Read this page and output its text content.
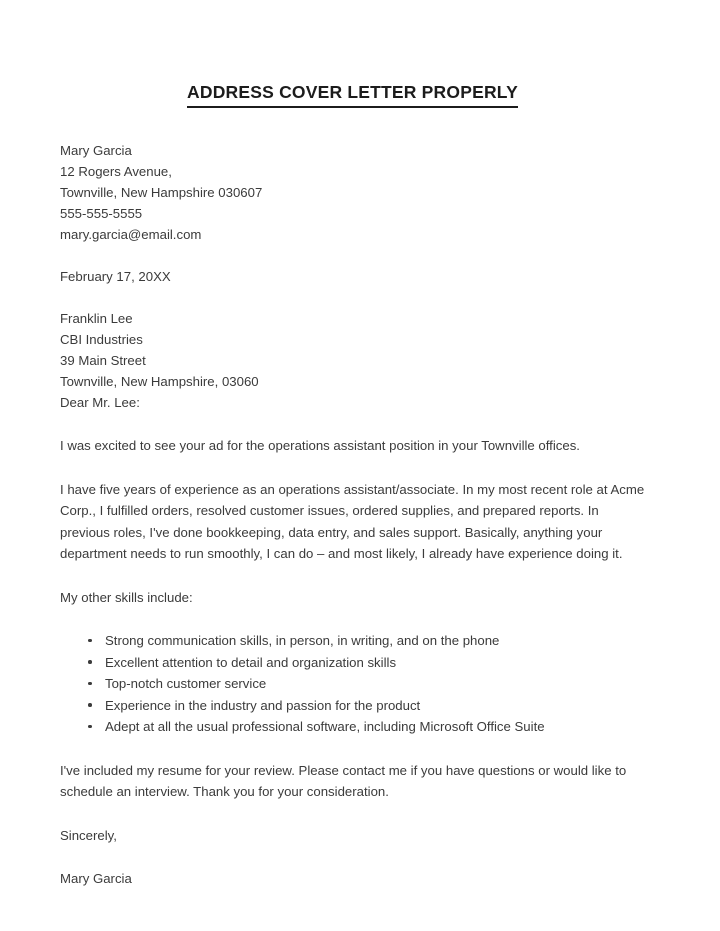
ADDRESS COVER LETTER PROPERLY
Mary Garcia
12 Rogers Avenue,
Townville, New Hampshire 030607
555-555-5555
mary.garcia@email.com
February 17, 20XX
Franklin Lee
CBI Industries
39 Main Street
Townville, New Hampshire, 03060
Dear Mr. Lee:

I was excited to see your ad for the operations assistant position in your Townville offices.

I have five years of experience as an operations assistant/associate. In my most recent role at Acme Corp., I fulfilled orders, resolved customer issues, ordered supplies, and prepared reports. In previous roles, I've done bookkeeping, data entry, and sales support. Basically, anything your department needs to run smoothly, I can do – and most likely, I already have experience doing it.

My other skills include:

Strong communication skills, in person, in writing, and on the phone
Excellent attention to detail and organization skills
Top-notch customer service
Experience in the industry and passion for the product
Adept at all the usual professional software, including Microsoft Office Suite

I've included my resume for your review. Please contact me if you have questions or would like to schedule an interview. Thank you for your consideration.

Sincerely,

Mary Garcia
